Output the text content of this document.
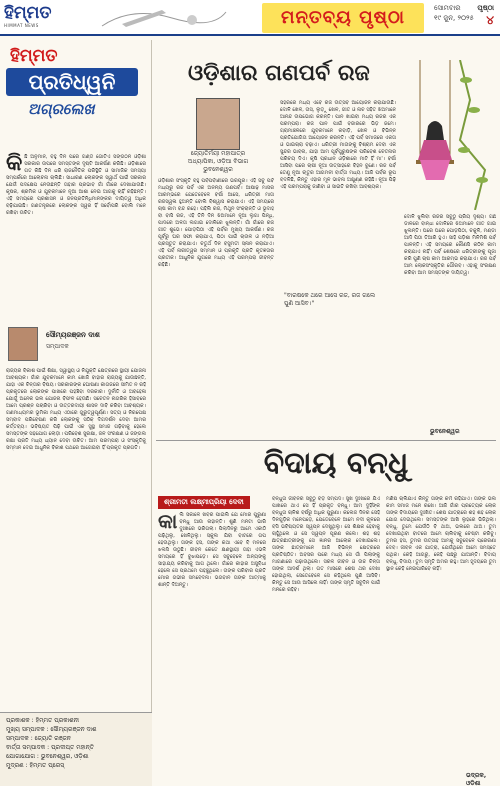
ହିମ୍ମତ
HIMMAT NEWS	ମନ୍ତବ୍ୟ ପୃଷ୍ଠା	ସୋମବାର ପୃଷ୍ଠା
୧୯ ଜୁନ, ୨୦୨୫ ୪
ହିମ୍ମତ
ପ୍ରତିଧ୍ୱନି
ଅଗ୍ରଲେଖ
କି ଛି ଅନୁମାନ, ବହୁ ଦିନ ପରେ ଗଣ୍ଡ ଗୋଟିଏ ସଙ୍ଗଠନ ଓଡ଼ିଶା ସରକାର ଉପରେ ସମସ୍ତଙ୍କ ଦୃଷ୍ଟି ଆକର୍ଷଣ କରିଛି। ଓଡ଼ିଶାରେ ଗତ କିଛି ଦିନ ଧରି ରାଜନୈତିକ ପରିସ୍ଥିତି ଓ ସାମାଜିକ ସମସ୍ୟା ସମ୍ପର୍କରେ ଆଲୋଚନା ଚାଲିଛି। ସାଧାରଣ ଲୋକଙ୍କ ସ୍ୱାର୍ଥ ପାଇଁ ସରକାର ଯେଉଁ ପଦକ୍ଷେପ ନେଉଛନ୍ତି ତାହାର ପ୍ରଭାବ ଗାଁ ଗାଁରେ ଦେଖାଯାଉଛି। କୃଷକ, ଶ୍ରମିକ ଓ ଯୁବକମାନେ ନୂଆ ଆଶା ନେଇ ଆଗକୁ ଚାହିଁ ରହିଛନ୍ତି। ଏହି ସମୟରେ ପ୍ରଶାସନ ଓ ଜନପ୍ରତିନିଧିମାନଙ୍କର ଦାୟିତ୍ୱ ଅଧିକ ବଢ଼ିଯାଇଛି। ଗଣତନ୍ତ୍ରରେ ଲୋକଙ୍କ ସ୍ୱର ହିଁ ସର୍ବୋପରି ବୋଲି ମନେ ରଖିବା ଉଚିତ।
ସୌମ୍ୟରଞ୍ଜନ ଦାଶ
ସମ୍ପାଦକ
ରାଜ୍ୟର ବିକାଶ ପାଇଁ ଶିକ୍ଷା, ସ୍ୱାସ୍ଥ୍ୟ ଓ ନିଯୁକ୍ତି କ୍ଷେତ୍ରରେ ସ୍ଥାୟୀ ଯୋଜନା ଆବଶ୍ୟକ। ଗାଁର ଯୁବକମାନେ କାମ ଖୋଜି ବାହାର ରାଜ୍ୟକୁ ଯାଉଛନ୍ତି, ଯାହା ଏକ ଚିନ୍ତାର ବିଷୟ। ସରକାରଙ୍କ ଘୋଷଣା କାଗଜରେ ସୀମିତ ନ ରହି ପ୍ରକୃତରେ ଲୋକଙ୍କ ପାଖରେ ପହଞ୍ଚିବା ଦରକାର। ଦୁର୍ନୀତି ଓ ଅବହେଳା ଯୋଗୁଁ ଅନେକ ଭଲ ଯୋଜନା ବିଫଳ ହେଉଛି। ସଚେତନ ନାଗରିକ ହିସାବରେ ଆମେ ପ୍ରଶ୍ନ ପଚାରିବା ଓ ଉତ୍ତରଦାୟୀ ଶାସନ ଦାବି କରିବା ଆବଶ୍ୟକ। ଗଣମାଧ୍ୟମର ଭୂମିକା ମଧ୍ୟ ଏଠାରେ ଗୁରୁତ୍ୱପୂର୍ଣ୍ଣ। ସତ୍ୟ ଓ ନିରପେକ୍ଷ ସମ୍ବାଦ ପରିବେଷଣ କରି ଲୋକଙ୍କୁ ସଠିକ୍ ଦିଗଦର୍ଶନ ଦେବା ଆମର କର୍ତ୍ତବ୍ୟ। ଭବିଷ୍ୟତ ପିଢ଼ି ପାଇଁ ଏକ ସୁସ୍ଥ ସମାଜ ଗଢ଼ିବାକୁ ହେଲେ ସମସ୍ତଙ୍କ ସହଯୋଗ ଲୋଡ଼ା। ପରିବେଶ ସୁରକ୍ଷା, ଜଳ ସଂରକ୍ଷଣ ଓ ଜଙ୍ଗଲ ରକ୍ଷା ପ୍ରତି ମଧ୍ୟ ଧ୍ୟାନ ଦେବା ଉଚିତ। ଆମ ପରମ୍ପରା ଓ ସଂସ୍କୃତିକୁ ସମ୍ମାନ ଦେଇ ଆଧୁନିକ ବିକାଶ ପଥରେ ଆଗେଇବା ହିଁ ପ୍ରକୃତ ପ୍ରଗତି।
ପ୍ରକାଶକ : ହିମ୍ମତ ପ୍ରକାଶନୀ
ମୁଖ୍ୟ ସମ୍ପାଦକ : ସୌମ୍ୟରଞ୍ଜନ ଦାଶ
ସମ୍ପାଦକ : ଜ୍ୟୋତି ରଞ୍ଜନ
ବାର୍ତ୍ତା ସମ୍ପାଦକ : ପ୍ରଦୀପ୍ତ ମହାନ୍ତି
ଯୋଗାଯୋଗ : ଭୁବନେଶ୍ୱର, ଓଡ଼ିଶା
ମୁଦ୍ରଣ : ହିମ୍ମତ ପ୍ରେସ୍
ଓଡ଼ିଶାର ଗଣପର୍ବ ରଜ
ଜ୍ୟୋତିର୍ମୟୀ ମହାପାତ୍ର
ଅଧ୍ୟାପିକା, ଓଡ଼ିଆ ବିଭାଗ
ଭୁବନେଶ୍ୱର
ଓଡ଼ିଶାର ସଂସ୍କୃତି ବହୁ ପର୍ବପର୍ବାଣୀରେ ଭରପୂର। ଏହି ସବୁ ପର୍ବ ମଧ୍ୟରୁ ରଜ ପର୍ବ ଏକ ଅନନ୍ୟ ଗଣପର୍ବ। ଆଷାଢ଼ ମାସର ଆରମ୍ଭରେ ଯେତେବେଳେ ବର୍ଷା ଆସେ, ଧରିତ୍ରୀ ମାତା ରଜସ୍ୱଳା ହୁଅନ୍ତି ବୋଲି ବିଶ୍ୱାସ କରାଯାଏ। ଏହି ସମୟରେ ଚାଷ କାମ ବନ୍ଦ ରହେ। ପହିଲି ରଜ, ମିଥୁନ ସଂକ୍ରାନ୍ତି ଓ ଭୂଦାହ ବା ବାସି ରଜ, ଏହି ତିନି ଦିନ ଝିଅମାନେ ନୂଆ ଲୁଗା ପିନ୍ଧି, ପାଦରେ ଅଳତା ଲଗାଇ ଦୋଳିରେ ଝୁଲନ୍ତି। ଗାଁ ଗାଁରେ ରଜ ଗୀତ ଶୁଭେ। ପୋଡ଼ପିଠା ଏହି ପର୍ବର ମୁଖ୍ୟ ଆକର୍ଷଣ। ରଜ ପୂର୍ବରୁ ଘର ସଫା କରାଯାଏ, ପିଠା ପାଇଁ ଚାଉଳ ଓ ନଡ଼ିଆ ପ୍ରସ୍ତୁତ କରାଯାଏ। ଚତୁର୍ଥ ଦିନ ବସୁମତୀ ସ୍ନାନ କରାଯାଏ। ଏହି ପର୍ବ ନାରୀତ୍ୱର ସମ୍ମାନ ଓ ପ୍ରକୃତି ପ୍ରତି କୃତଜ୍ଞତାର ପ୍ରତୀକ। ଆଧୁନିକ ଯୁଗରେ ମଧ୍ୟ ଏହି ପରମ୍ପରା ଜୀବନ୍ତ ରହିଛି।
ସହରରେ ମଧ୍ୟ ଏବେ ରଜ ଉତ୍ସବ ଆୟୋଜନ କରାଯାଉଛି। ଦୋଳି ଖେଳ, ତାସ୍, ଲୁଡ଼ୁ ଖେଳ, ଗୀତ ଓ ନାଚ ସହିତ ଝିଅମାନେ ଆନନ୍ଦ ଉପଭୋଗ କରନ୍ତି। ପାନ ଖାଇବା ମଧ୍ୟ ରଜର ଏକ ପରମ୍ପରା। ରଜ ପାନ ପାଇଁ ବଜାରରେ ଭିଡ଼ ଜମେ। ଗ୍ରାମାଞ୍ଚଳରେ ଯୁବକମାନେ କବାଡ଼ି, ଖେଳ ଓ ବିଭିନ୍ନ ପ୍ରତିଯୋଗିତା ଆୟୋଜନ କରନ୍ତି। ଏହି ପର୍ବ ସମାଜରେ ଏକତା ଓ ଭାଇଚାରା ବଢ଼ାଏ। ଧରିତ୍ରୀ ମାତାଙ୍କୁ ବିଶ୍ରାମ ଦେବା ଏକ ସୁନ୍ଦର ଭାବନା, ଯାହା ଆମ ପୂର୍ବପୁରୁଷଙ୍କ ପରିବେଶ ଚେତନାର ପରିଚୟ ଦିଏ। କୃଷି ପ୍ରଧାନ ଓଡ଼ିଶାରେ ମାଟି ହିଁ ମା'। ବର୍ଷା ଆସିବା ପରେ ଚାଷୀ ନୂଆ ଉତ୍ସାହରେ ବିହନ ବୁଣେ। ରଜ ପର୍ବ ତେଣୁ ନୂଆ ଋତୁର ଆଗମନୀ ବାର୍ତ୍ତା ମଧ୍ୟ। ଆଜି ପର୍ବର ରୂପ ବଦଳିଛି, କିନ୍ତୁ ଏହାର ମୂଳ ଭାବନା ଅକ୍ଷୁଣ୍ଣ ରହିଛି। ନୂଆ ପିଢ଼ି ଏହି ପରମ୍ପରାକୁ ଜାଣିବା ଓ ସାଇତି ରଖିବା ଆବଶ୍ୟକ।
ଦୋଳି ଝୁଲିବା ରଜର ସବୁଠୁ ପ୍ରିୟ ଦୃଶ୍ୟ। ଗଛ ଡାଳରେ ବାନ୍ଧା ଦୋଳିରେ ଝିଅମାନେ ଗୀତ ଗାଇ ଝୁଲନ୍ତି। ଘରେ ଘରେ ପୋଡ଼ପିଠା, ଚକୁଳି, ମଣ୍ଡା ଆଦି ପିଠା ତିଆରି ହୁଏ। ସାହି ପଡ଼ିଶା ମିଳିମିଶି ପର୍ବ ପାଳନ୍ତି। ଏହି ସମୟରେ କୌଣସି କଠିନ କାମ କରାଯାଏ ନାହିଁ। ପର୍ବ ଶେଷରେ ଧରିତ୍ରୀଙ୍କୁ ପୂଜା କରି ପୁଣି ଚାଷ କାମ ଆରମ୍ଭ କରାଯାଏ। ରଜ ପର୍ବ ଆମ ଲୋକସଂସ୍କୃତିର ଗୌରବ। ଏହାକୁ ସଂରକ୍ଷଣ କରିବା ଆମ ସମସ୍ତଙ୍କ ଦାୟିତ୍ୱ।
"ବାରଷକେ ଥରେ ଆସେ ରଜ, ରଜ ଗଲେ ପୁଣି ଆସିବ।"
ଭୁବନେଶ୍ୱର
ବିଦାୟ ବନ୍ଧୁ
ଶ୍ରୀମତୀ ଲକ୍ଷ୍ମୀପ୍ରିୟା ଦେବୀ
କା ଲି ସକାଳେ ଖବର ପାଇଲି ଯେ ମୋର ପୁରୁଣା ବନ୍ଧୁ ଆଉ ନାହାନ୍ତି। ଶୁଣି ମନଟା ଭାରି ଦୁଃଖରେ ଭରିଗଲା। ପିଲାଦିନରୁ ଆମେ ଏକାଠି ପଢ଼ିଥିଲୁ, ଖେଳିଥିଲୁ। ସ୍କୁଲ ଯିବା ବାଟରେ ଗପ ହେଉଥିଲୁ। ତାଙ୍କ ହସ, ତାଙ୍କ କଥା ଏବେ ବି ମନରେ ଝଲସି ଉଠୁଛି। ଜୀବନ କେତେ କ୍ଷଣସ୍ଥାୟୀ ତାହା ଏଭଳି ସମୟରେ ହିଁ ବୁଝାପଡ଼େ। ସେ ସବୁବେଳେ ଅନ୍ୟଙ୍କୁ ସାହାଯ୍ୟ କରିବାକୁ ଆଗ ଥିଲେ। ଗାଁରେ କାହାର ଅସୁବିଧା ହେଲେ ସେ ପ୍ରଥମେ ପହଞ୍ଚୁଥିଲେ। ତାଙ୍କ ପରିବାର ପ୍ରତି ମୋର ଗଭୀର ସମବେଦନା। ଭଗବାନ ତାଙ୍କ ଆତ୍ମାକୁ ଶାନ୍ତି ଦିଅନ୍ତୁ।
ବନ୍ଧୁତା ଜୀବନର ସବୁଠୁ ବଡ଼ ସମ୍ପଦ। ସୁଖ ଦୁଃଖରେ ଯିଏ ପାଖରେ ଥାଏ ସେ ହିଁ ପ୍ରକୃତ ବନ୍ଧୁ। ଆମ ଦୁହିଁଙ୍କ ବନ୍ଧୁତା ଚାଳିଶ ବର୍ଷରୁ ଅଧିକ ପୁରୁଣା। କଲେଜ ଦିନର ସେହି ଦିନଗୁଡ଼ିକ ମନେପଡ଼େ, ଯେତେବେଳେ ଆମେ ନଦୀ କୂଳରେ ବସି ଭବିଷ୍ୟତର ସ୍ୱପ୍ନ ଦେଖୁଥିଲୁ। ସେ ଶିକ୍ଷକ ହେବାକୁ ଚାହୁଁଥିଲେ ଓ ସେ ସ୍ୱପ୍ନ ପୂରଣ କଲେ। ଶହ ଶହ ଛାତ୍ରଛାତ୍ରୀଙ୍କୁ ସେ ଜ୍ଞାନର ଆଲୋକ ଦେଖାଇଲେ। ତାଙ୍କ ଛାତ୍ରମାନେ ଆଜି ବିଭିନ୍ନ କ୍ଷେତ୍ରରେ ପ୍ରତିଷ୍ଠିତ। ଅବସର ପରେ ମଧ୍ୟ ସେ ଗାଁ ପିଲାଙ୍କୁ ମାଗଣାରେ ପଢ଼ାଉଥିଲେ। ସରଳ ଜୀବନ ଓ ଉଚ୍ଚ ଚିନ୍ତା ତାଙ୍କ ଆଦର୍ଶ ଥିଲା। ଗତ ମାସରେ ଶେଷ ଥର ଦେଖା ହୋଇଥିଲା, ସେତେବେଳେ ସେ କହିଥିଲେ ପୁଣି ଆସିବି। କିନ୍ତୁ ସେ ଆଉ ଆସିଲେ ନାହିଁ। ତାଙ୍କ ସ୍ମୃତି ସବୁଦିନ ପାଇଁ ମନରେ ରହିବ।
ମଣିଷ ଚାଲିଯାଏ କିନ୍ତୁ ତାଙ୍କ କର୍ମ ରହିଯାଏ। ତାଙ୍କ ଭଲ କାମ ସମାଜ ମନେ ରଖେ। ଆଜି ଗାଁର ପ୍ରତ୍ୟେକ ଲୋକ ତାଙ୍କ ବିଦାୟରେ ଦୁଃଖିତ। ଶେଷ ଯାତ୍ରାରେ ଶହ ଶହ ଲୋକ ଯୋଗ ଦେଇଥିଲେ। ସମସ୍ତଙ୍କ ଆଖି ଲୁହରେ ଭିଜିଥିଲା। ବନ୍ଧୁ, ତୁମେ ଯେଉଁଠି ବି ଥାଅ, ଭଲରେ ଥାଅ। ତୁମ ଦେଖାଇଥିବା ବାଟରେ ଆମେ ଚାଲିବାକୁ ଚେଷ୍ଟା କରିବୁ। ତୁମର ହସ, ତୁମର ଉତ୍ସାହ ଆମକୁ ସବୁବେଳେ ପ୍ରେରଣା ଦେବ। ଜୀବନ ଏକ ଯାତ୍ରା, ଯେଉଁଥିରେ ଆମେ ସମସ୍ତେ ପଥିକ। କେହି ଆଗରୁ, କେହି ପଛରୁ ଯାଆନ୍ତି। ବିଦାୟ ବନ୍ଧୁ, ବିଦାୟ। ତୁମ ସ୍ମୃତି ଅମର ରହୁ। ଆମ ହୃଦୟରେ ତୁମ ସ୍ଥାନ କେହି ନେଇପାରିବେ ନାହିଁ।
ଭଦ୍ରକ, ଓଡ଼ିଶା
